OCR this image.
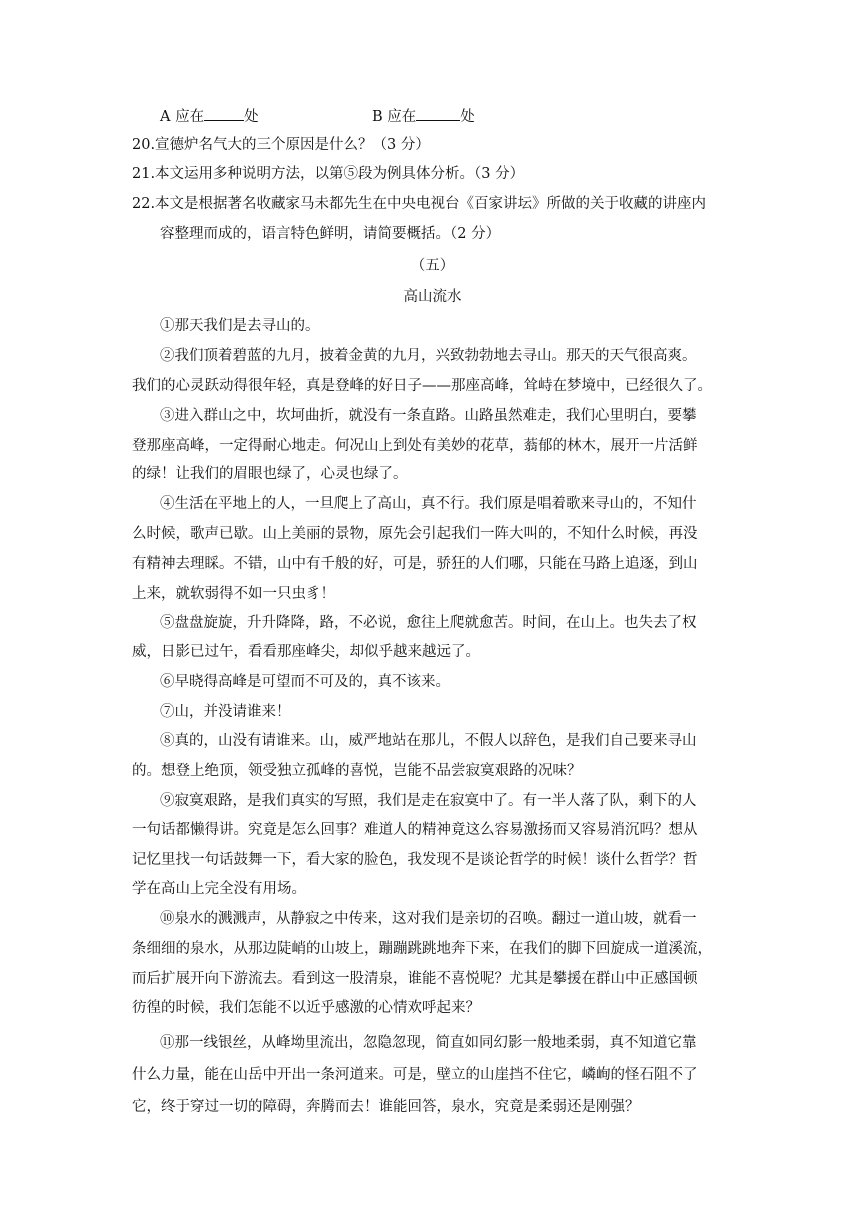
A 应在	处	B 应在	处
20.宣德炉名气大的三个原因是什么？（3 分）
21.本文运用多种说明方法，以第⑤段为例具体分析。（3 分）
22.本文是根据著名收藏家马未都先生在中央电视台《百家讲坛》所做的关于收藏的讲座内
容整理而成的，语言特色鲜明，请简要概括。（2 分）
（五）
高山流水
①那天我们是去寻山的。
②我们顶着碧蓝的九月，披着金黄的九月，兴致勃勃地去寻山。那天的天气很高爽。
我们的心灵跃动得很年轻，真是登峰的好日子——那座高峰，耸峙在梦境中，已经很久了。
③进入群山之中，坎坷曲折，就没有一条直路。山路虽然难走，我们心里明白，要攀
登那座高峰，一定得耐心地走。何况山上到处有美妙的花草，蓊郁的林木，展开一片活鲜
的绿！让我们的眉眼也绿了，心灵也绿了。
④生活在平地上的人，一旦爬上了高山，真不行。我们原是唱着歌来寻山的，不知什
么时候，歌声已歇。山上美丽的景物，原先会引起我们一阵大叫的，不知什么时候，再没
有精神去理睬。不错，山中有千般的好，可是，骄狂的人们哪，只能在马路上追逐，到山
上来，就软弱得不如一只虫豸！
⑤盘盘旋旋，升升降降，路，不必说，愈往上爬就愈苦。时间，在山上。也失去了权
威，日影已过午，看看那座峰尖，却似乎越来越远了。
⑥早晓得高峰是可望而不可及的，真不该来。
⑦山，并没请谁来！
⑧真的，山没有请谁来。山，威严地站在那儿，不假人以辞色，是我们自己要来寻山
的。想登上绝顶，领受独立孤峰的喜悦，岂能不品尝寂寞艰路的况味？
⑨寂寞艰路，是我们真实的写照，我们是走在寂寞中了。有一半人落了队，剩下的人
一句话都懒得讲。究竟是怎么回事？难道人的精神竟这么容易激扬而又容易消沉吗？想从
记忆里找一句话鼓舞一下，看大家的脸色，我发现不是谈论哲学的时候！谈什么哲学？哲
学在高山上完全没有用场。
⑩泉水的溅溅声，从静寂之中传来，这对我们是亲切的召唤。翻过一道山坡，就看一
条细细的泉水，从那边陡峭的山坡上，蹦蹦跳跳地奔下来，在我们的脚下回旋成一道溪流，
而后扩展开向下游流去。看到这一股清泉，谁能不喜悦呢？尤其是攀援在群山中正感国顿
彷徨的时候，我们怎能不以近乎感激的心情欢呼起来？
⑪那一线银丝，从峰坳里流出，忽隐忽现，简直如同幻影一般地柔弱，真不知道它靠
什么力量，能在山岳中开出一条河道来。可是，壁立的山崖挡不住它，嶙峋的怪石阻不了
它，终于穿过一切的障碍，奔腾而去！谁能回答，泉水，究竟是柔弱还是刚强？
